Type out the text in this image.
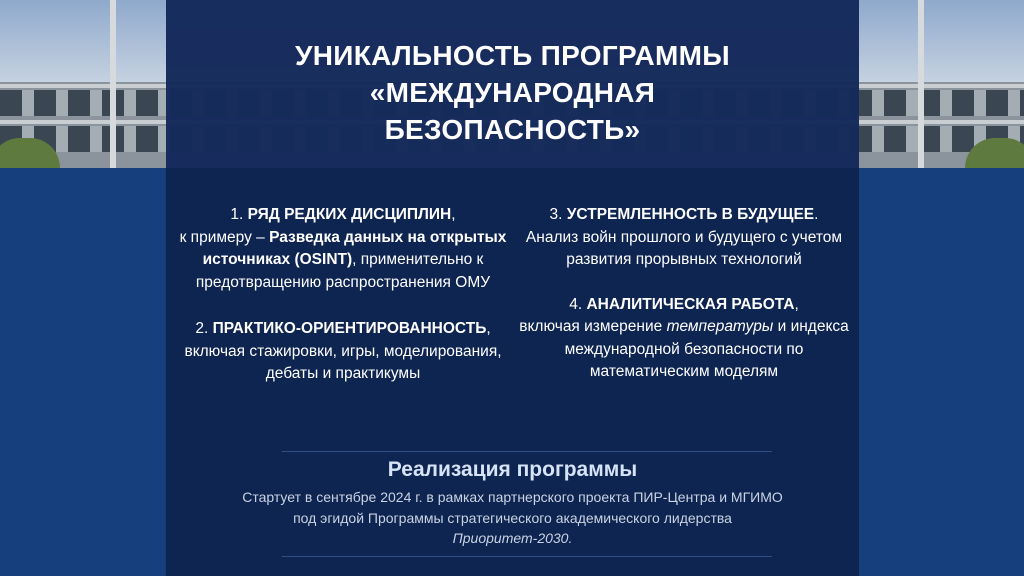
УНИКАЛЬНОСТЬ ПРОГРАММЫ
«МЕЖДУНАРОДНАЯ
БЕЗОПАСНОСТЬ»

1. РЯД РЕДКИХ ДИСЦИПЛИН,
к примеру – Разведка данных на открытых источниках (OSINT), применительно к предотвращению распространения ОМУ

2. ПРАКТИКО-ОРИЕНТИРОВАННОСТЬ,
включая стажировки, игры, моделирования, дебаты и практикумы

3. УСТРЕМЛЕННОСТЬ В БУДУЩЕЕ.
Анализ войн прошлого и будущего с учетом развития прорывных технологий

4. АНАЛИТИЧЕСКАЯ РАБОТА,
включая измерение температуры и индекса международной безопасности по математическим моделям

Реализация программы
Стартует в сентябре 2024 г. в рамках партнерского проекта ПИР-Центра и МГИМО
под эгидой Программы стратегического академического лидерства
Приоритет-2030.
